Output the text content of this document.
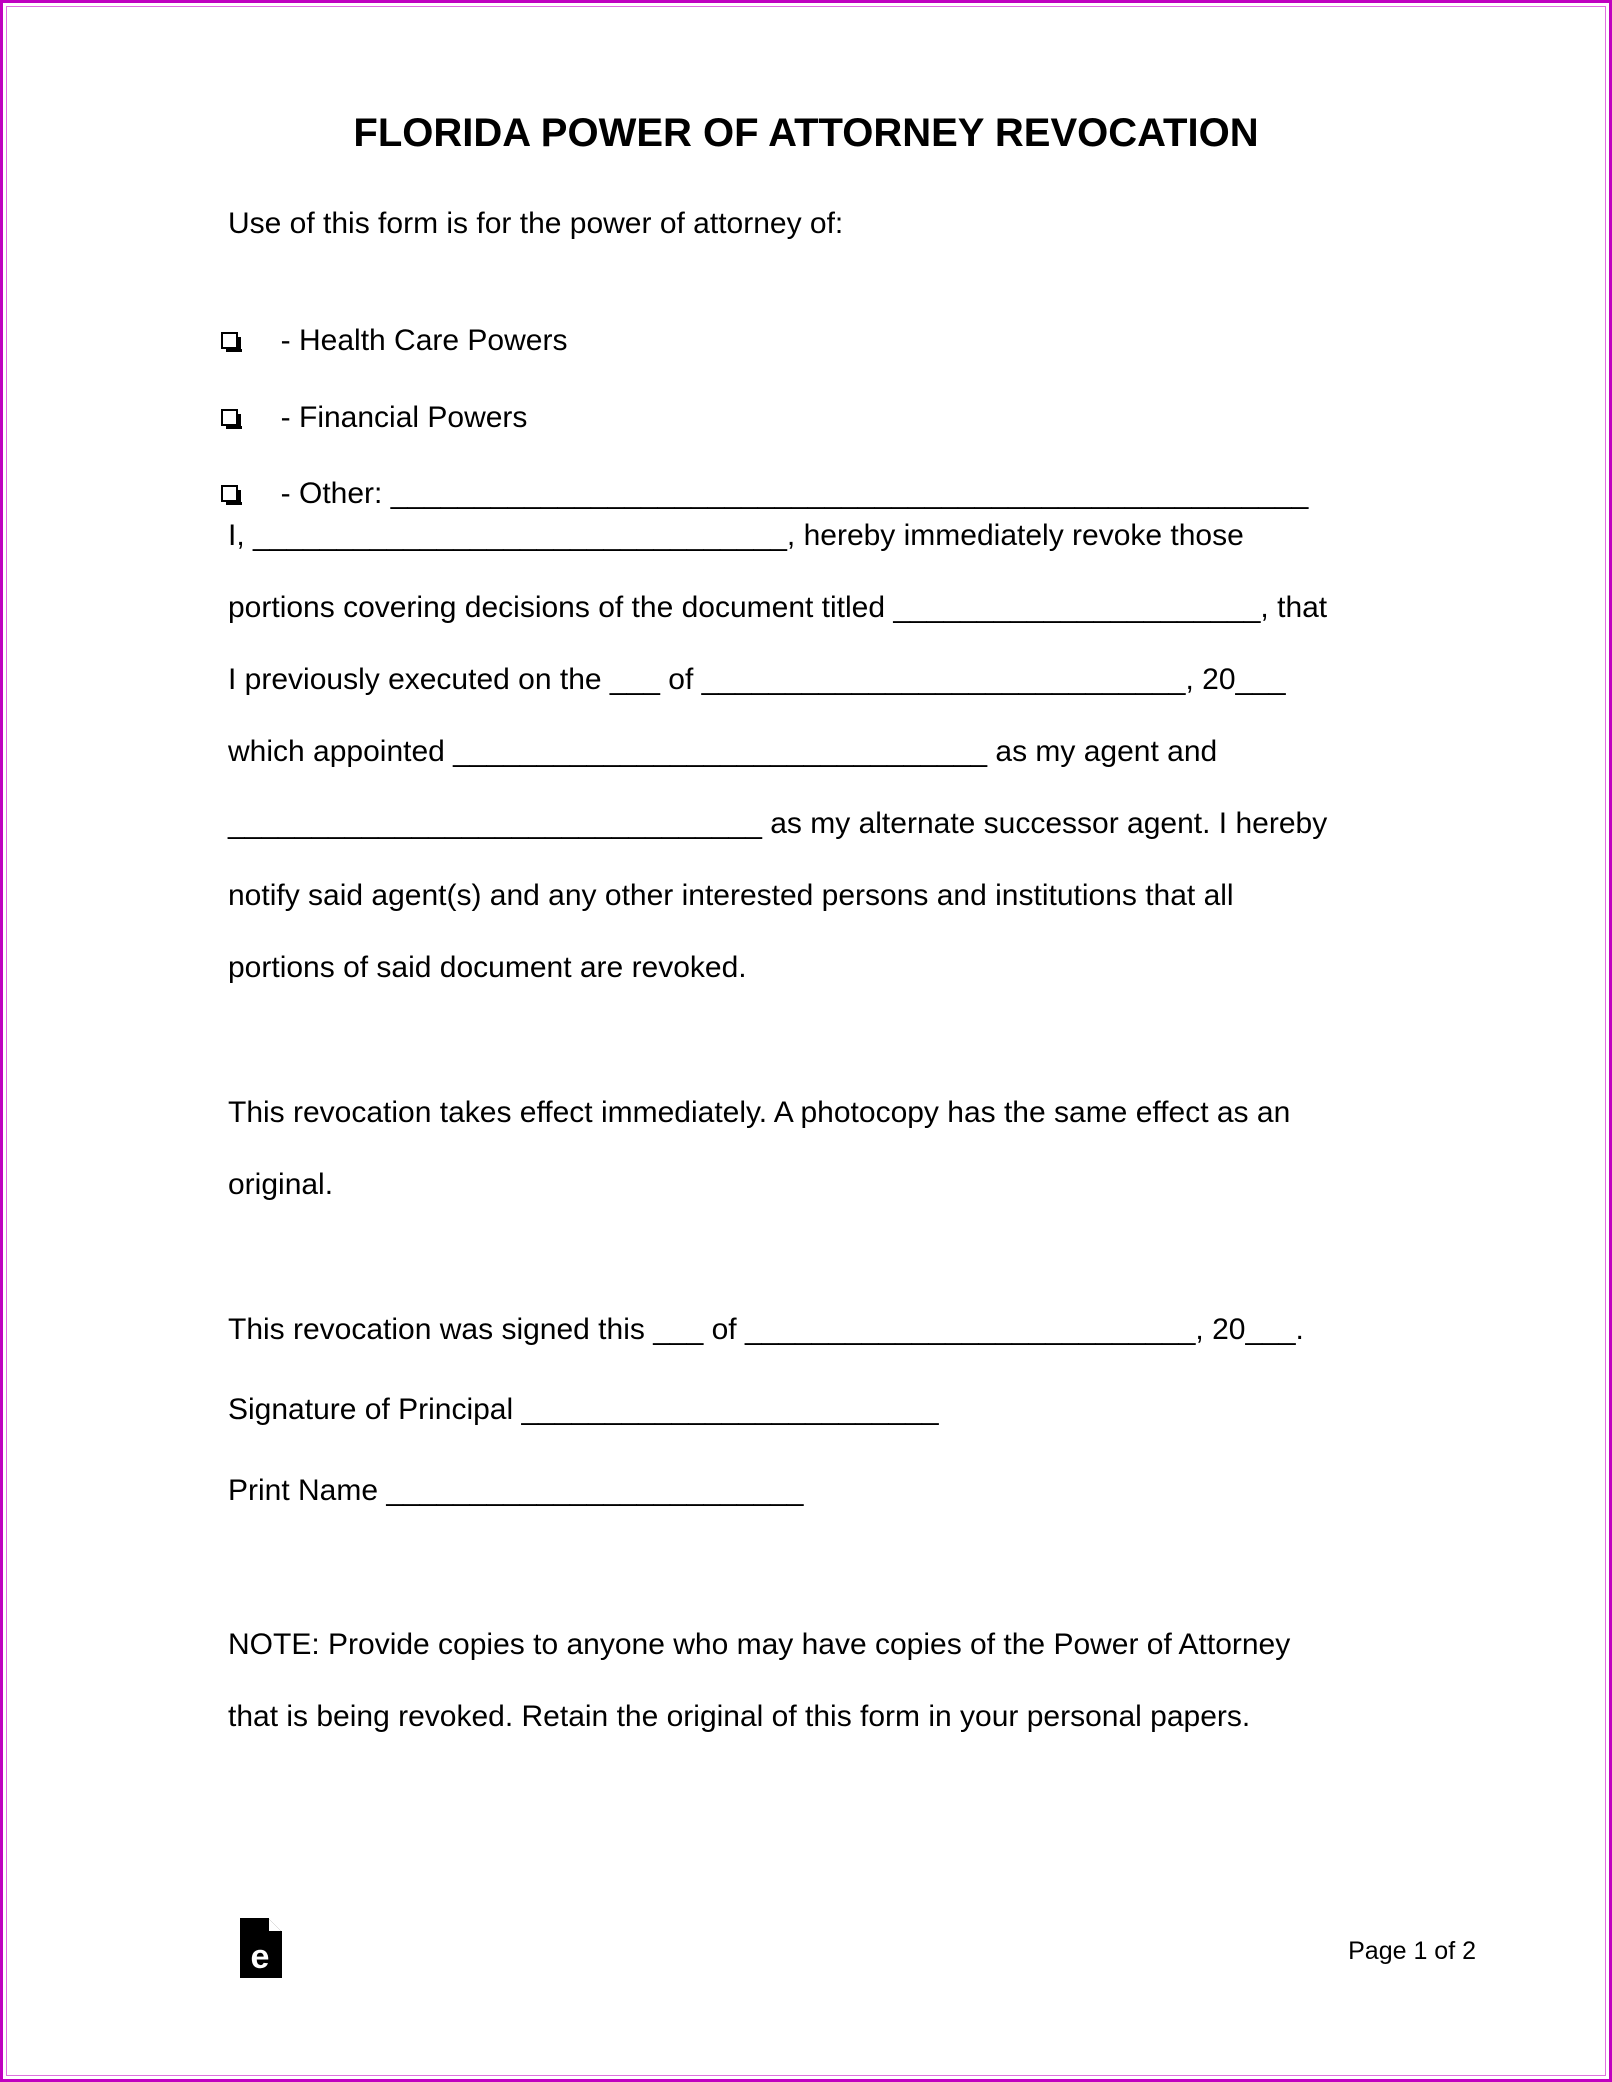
FLORIDA POWER OF ATTORNEY REVOCATION
Use of this form is for the power of attorney of:

- Health Care Powers

- Financial Powers

- Other: _______________________________________________________

I, ________________________________, hereby immediately revoke those
portions covering decisions of the document titled ______________________, that
I previously executed on the ___ of _____________________________, 20___
which appointed ________________________________ as my agent and
________________________________ as my alternate successor agent. I hereby
notify said agent(s) and any other interested persons and institutions that all
portions of said document are revoked.
This revocation takes effect immediately. A photocopy has the same effect as an
original.
This revocation was signed this ___ of ___________________________, 20___.
Signature of Principal _________________________
Print Name _________________________
NOTE: Provide copies to anyone who may have copies of the Power of Attorney
that is being revoked. Retain the original of this form in your personal papers.
e	Page 1 of 2
